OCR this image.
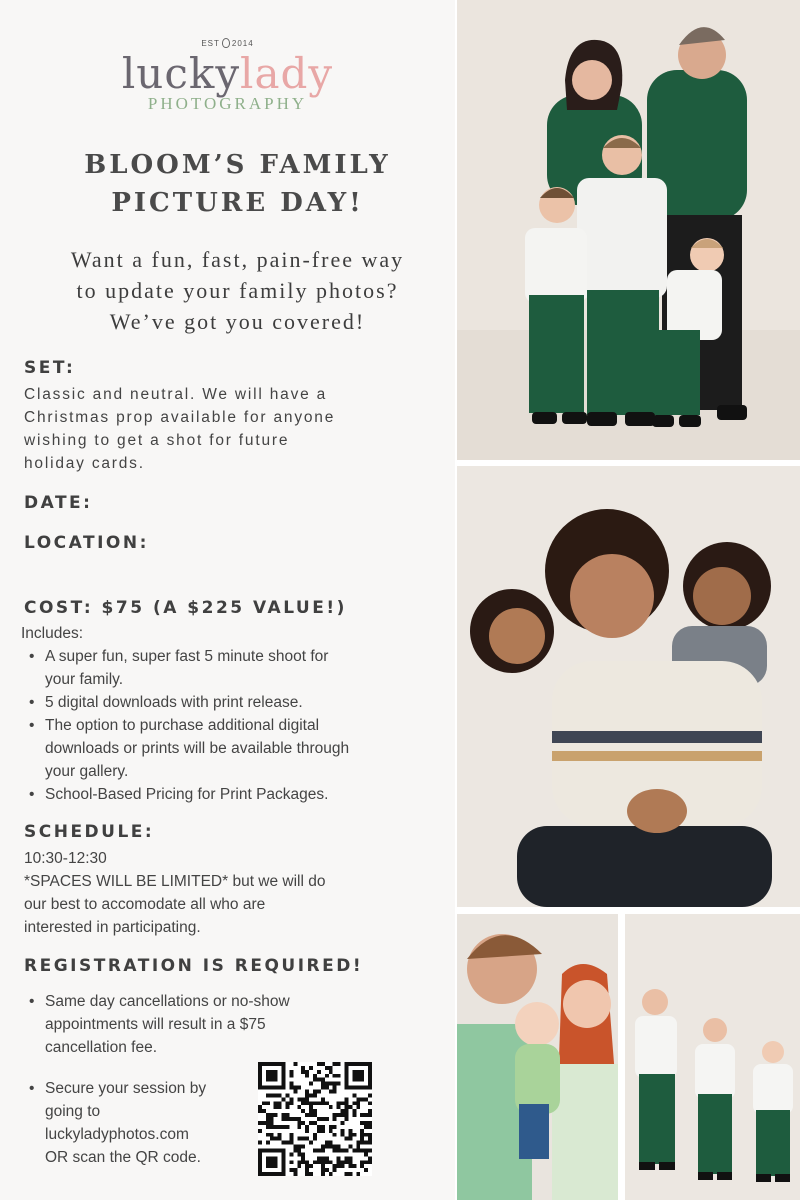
EST 2014
luckylady
PHOTOGRAPHY
BLOOM’S FAMILY
PICTURE DAY!
Want a fun, fast, pain-free way
to update your family photos?
We’ve got you covered!
SET:
Classic and neutral. We will have a
Christmas prop available for anyone
wishing to get a shot for future
holiday cards.
DATE:
LOCATION:
COST: $75 (A $225 VALUE!)
Includes:
• A super fun, super fast 5 minute shoot for
your family.
• 5 digital downloads with print release.
• The option to purchase additional digital
downloads or prints will be available through
your gallery.
• School-Based Pricing for Print Packages.
SCHEDULE:
10:30-12:30
*SPACES WILL BE LIMITED* but we will do
our best to accomodate all who are
interested in participating.
REGISTRATION IS REQUIRED!
• Same day cancellations or no-show
appointments will result in a $75
cancellation fee.
• Secure your session by
going to
luckyladyphotos.com
OR scan the QR code.
